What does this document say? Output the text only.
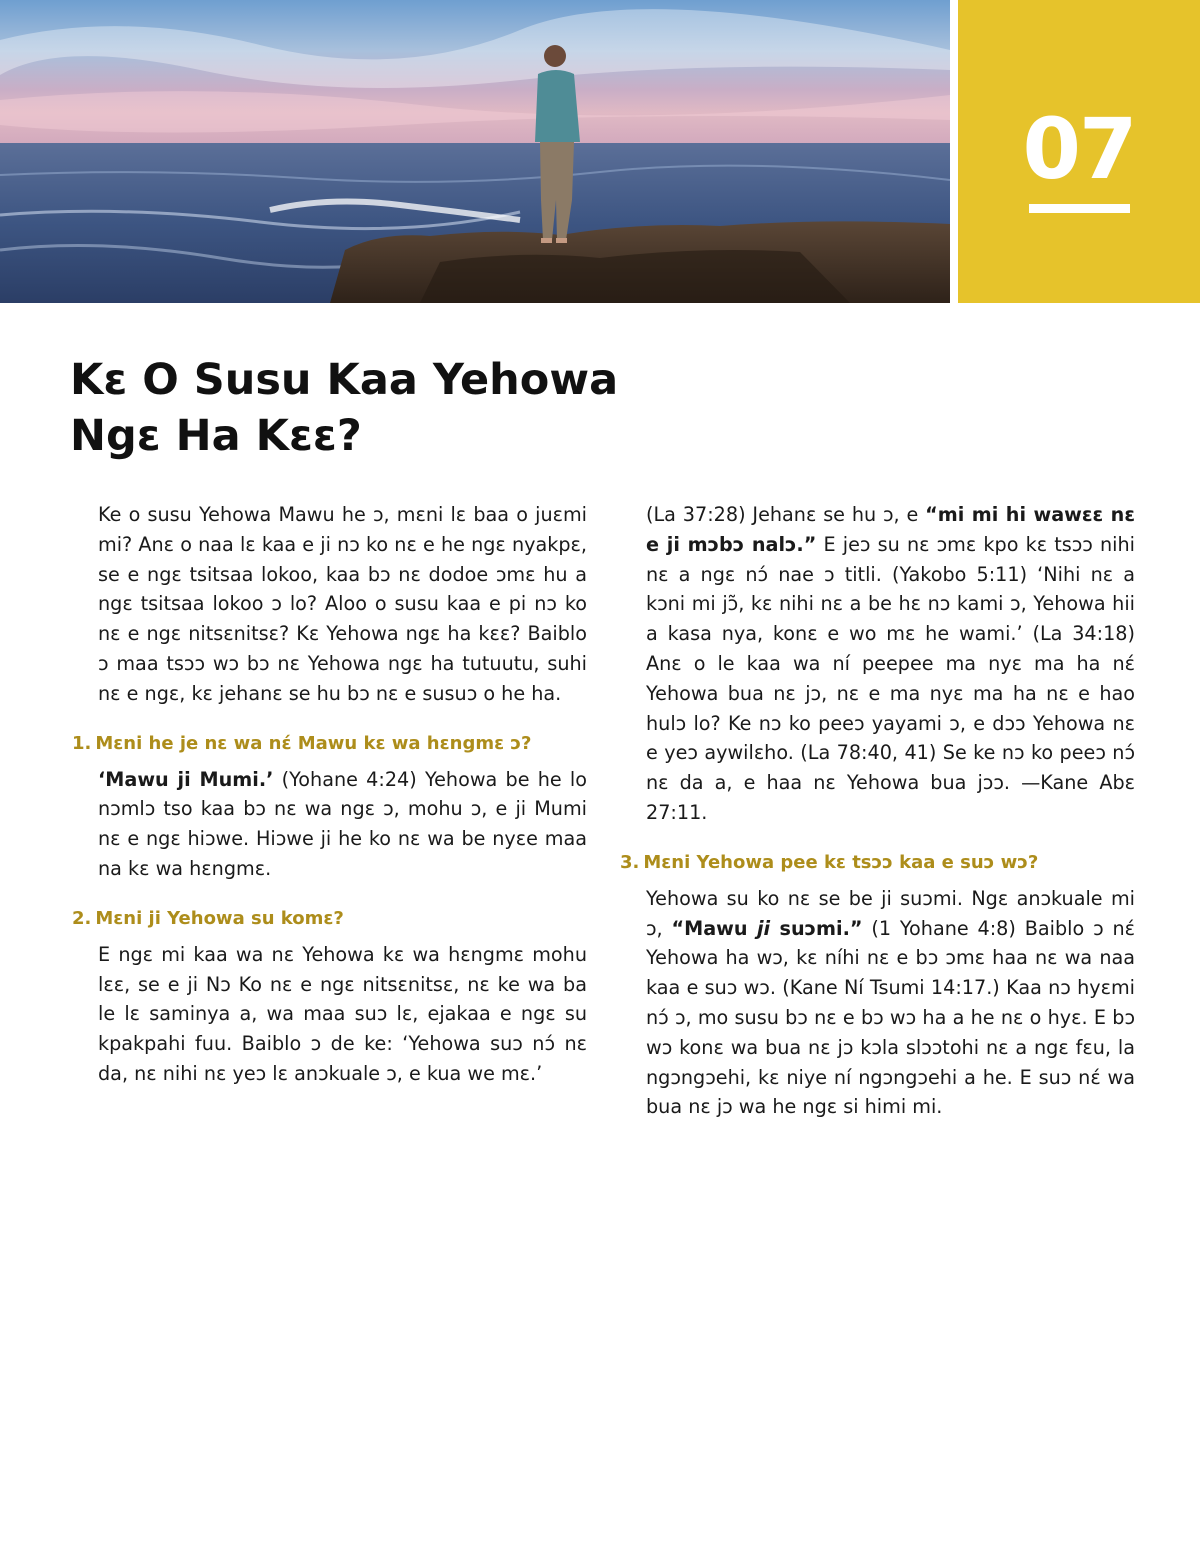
07
Kɛ O Susu Kaa Yehowa
Ngɛ Ha Kɛɛ?

Ke o susu Yehowa Mawu he ɔ, mɛni lɛ baa o juɛmi mi? Anɛ o naa lɛ kaa e ji nɔ ko nɛ e he ngɛ nyakpɛ, se e ngɛ tsitsaa lokoo, kaa bɔ nɛ dodoe ɔmɛ hu a ngɛ tsitsaa lokoo ɔ lo? Aloo o susu kaa e pi nɔ ko nɛ e ngɛ nitsɛnitsɛ? Kɛ Yehowa ngɛ ha kɛɛ? Baiblo ɔ maa tsɔɔ wɔ bɔ nɛ Yehowa ngɛ ha tutuutu, suhi nɛ e ngɛ, kɛ jehanɛ se hu bɔ nɛ e susuɔ o he ha.

1. Mɛni he je nɛ wa nɛ́ Mawu kɛ wa hɛngmɛ ɔ?

‘Mawu ji Mumi.’ (Yohane 4:24) Yehowa be he lo nɔmlɔ tso kaa bɔ nɛ wa ngɛ ɔ, mohu ɔ, e ji Mumi nɛ e ngɛ hiɔwe. Hiɔwe ji he ko nɛ wa be nyɛe maa na kɛ wa hɛngmɛ.

2. Mɛni ji Yehowa su komɛ?

E ngɛ mi kaa wa nɛ Yehowa kɛ wa hɛngmɛ mohu lɛɛ, se e ji Nɔ Ko nɛ e ngɛ nitsɛnitsɛ, nɛ ke wa ba le lɛ saminya a, wa maa suɔ lɛ, ejakaa e ngɛ su kpakpahi fuu. Baiblo ɔ de ke: ‘Yehowa suɔ nɔ́ nɛ da, nɛ nihi nɛ yeɔ lɛ anɔkuale ɔ, e kua we mɛ.’

(La 37:28) Jehanɛ se hu ɔ, e “mi mi hi wawɛɛ nɛ e ji mɔbɔ nalɔ.” E jeɔ su nɛ ɔmɛ kpo kɛ tsɔɔ nihi nɛ a ngɛ nɔ́ nae ɔ titli. (Yakobo 5:11) ‘Nihi nɛ a kɔni mi jɔ̃, kɛ nihi nɛ a be hɛ nɔ kami ɔ, Yehowa hii a kasa nya, konɛ e wo mɛ he wami.’ (La 34:18) Anɛ o le kaa wa ní peepee ma nyɛ ma ha nɛ́ Yehowa bua nɛ jɔ, nɛ e ma nyɛ ma ha nɛ e hao hulɔ lo? Ke nɔ ko peeɔ yayami ɔ, e dɔɔ Yehowa nɛ e yeɔ aywilɛho. (La 78:40, 41) Se ke nɔ ko peeɔ nɔ́ nɛ da a, e haa nɛ Yehowa bua jɔɔ. —Kane Abɛ 27:11.

3. Mɛni Yehowa pee kɛ tsɔɔ kaa e suɔ wɔ?

Yehowa su ko nɛ se be ji suɔmi. Ngɛ anɔkuale mi ɔ, “Mawu ji suɔmi.” (1 Yohane 4:8) Baiblo ɔ nɛ́ Yehowa ha wɔ, kɛ níhi nɛ e bɔ ɔmɛ haa nɛ wa naa kaa e suɔ wɔ. (Kane Ní Tsumi 14:17.) Kaa nɔ hyɛmi nɔ́ ɔ, mo susu bɔ nɛ e bɔ wɔ ha a he nɛ o hyɛ. E bɔ wɔ konɛ wa bua nɛ jɔ kɔla slɔɔtohi nɛ a ngɛ fɛu, la ngɔngɔehi, kɛ niye ní ngɔngɔehi a he. E suɔ nɛ́ wa bua nɛ jɔ wa he ngɛ si himi mi.
